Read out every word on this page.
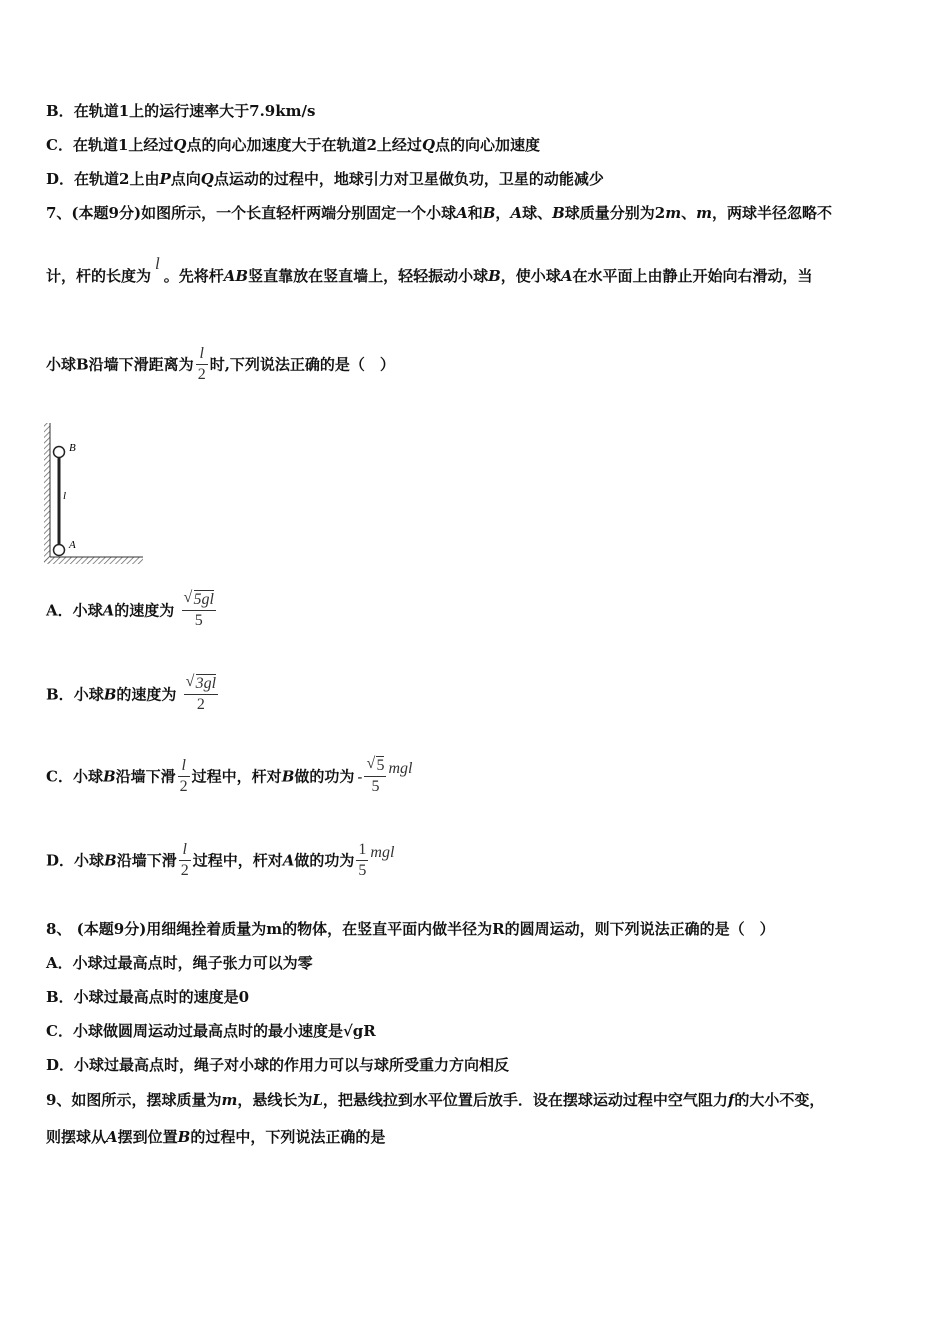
B．在轨道1上的运行速率大于7.9km/s
C．在轨道1上经过Q点的向心加速度大于在轨道2上经过Q点的向心加速度
D．在轨道2上由P点向Q点运动的过程中，地球引力对卫星做负功，卫星的动能减少
7、(本题9分)如图所示，一个长直轻杆两端分别固定一个小球A和B，A球、B球质量分别为2m、m，两球半径忽略不
计，杆的长度为l。先将杆AB竖直靠放在竖直墙上，轻轻振动小球B，使小球A在水平面上由静止开始向右滑动，当
小球B沿墙下滑距离为 $\frac{l}{2}$ 时,下列说法正确的是（　）
B
A
l
A．小球A的速度为 $\frac{√ 5gl}{5}$
B．小球B的速度为 $\frac{√ 3gl}{2}$
C．小球B沿墙下滑 $\frac{l}{2}$ 过程中，杆对B做的功为 - $\frac{√ 5}{5}$ mgl
D．小球B沿墙下滑 $\frac{l}{2}$ 过程中，杆对A做的功为 $\frac{1}{5}$ mgl
8、 (本题9分)用细绳拴着质量为m的物体，在竖直平面内做半径为R的圆周运动，则下列说法正确的是（　）
A．小球过最高点时，绳子张力可以为零
B．小球过最高点时的速度是0
C．小球做圆周运动过最高点时的最小速度是√gR
D．小球过最高点时，绳子对小球的作用力可以与球所受重力方向相反
9、如图所示，摆球质量为m，悬线长为L，把悬线拉到水平位置后放手．设在摆球运动过程中空气阻力f的大小不变，
则摆球从A摆到位置B的过程中，下列说法正确的是
